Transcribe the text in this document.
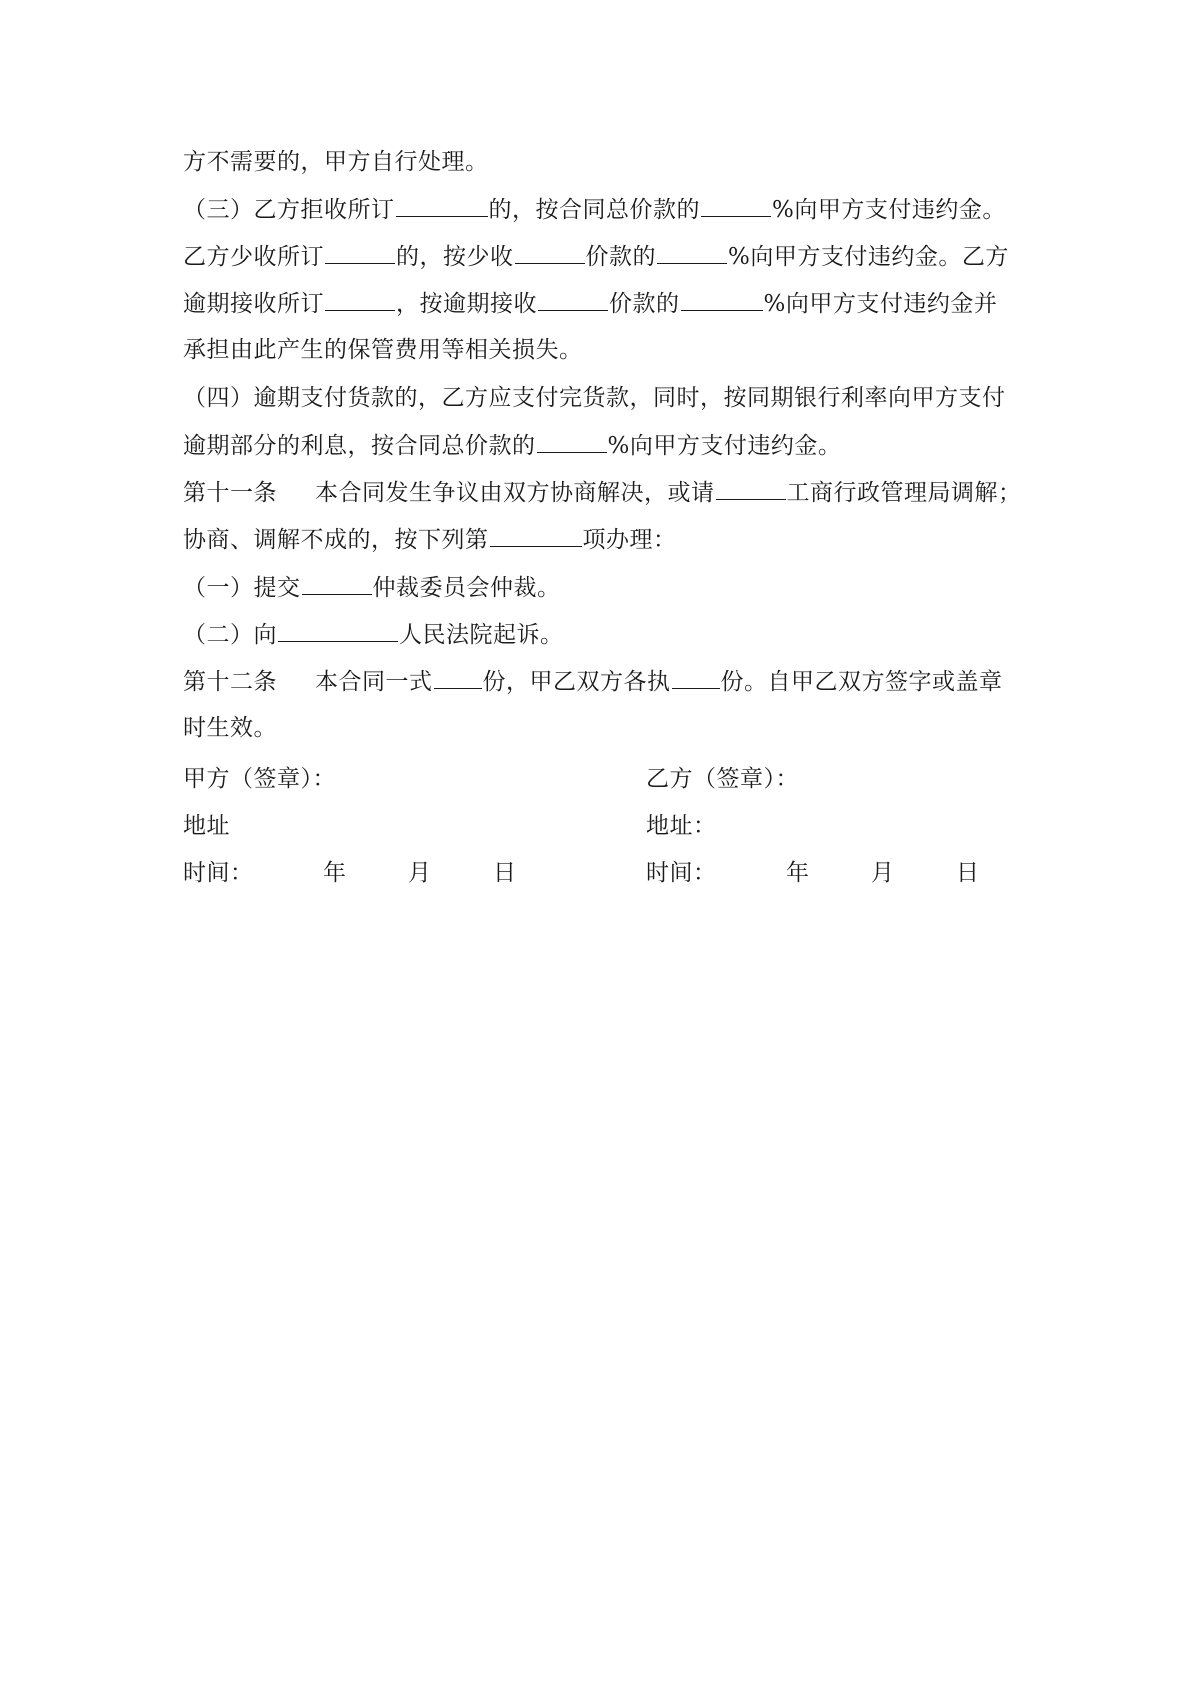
方不需要的，甲方自行处理。
（三）乙方拒收所订	的，按合同总价款的	%向甲方支付违约金。
乙方少收所订	的，按少收	价款的	%向甲方支付违约金。乙方
逾期接收所订	，按逾期接收	价款的	%向甲方支付违约金并
承担由此产生的保管费用等相关损失。
（四）逾期支付货款的，乙方应支付完货款，同时，按同期银行利率向甲方支付
逾期部分的利息，按合同总价款的	%向甲方支付违约金。
第十一条 本合同发生争议由双方协商解决，或请	工商行政管理局调解；
协商、调解不成的，按下列第	项办理：
（一）提交	仲裁委员会仲裁。
（二）向	人民法院起诉。
第十二条 本合同一式 份，甲乙双方各执 份。自甲乙双方签字或盖章
时生效。
甲方（签章）：	乙方（签章）：
地址	地址：
时间：	年	月	日	时间：	年	月	日
